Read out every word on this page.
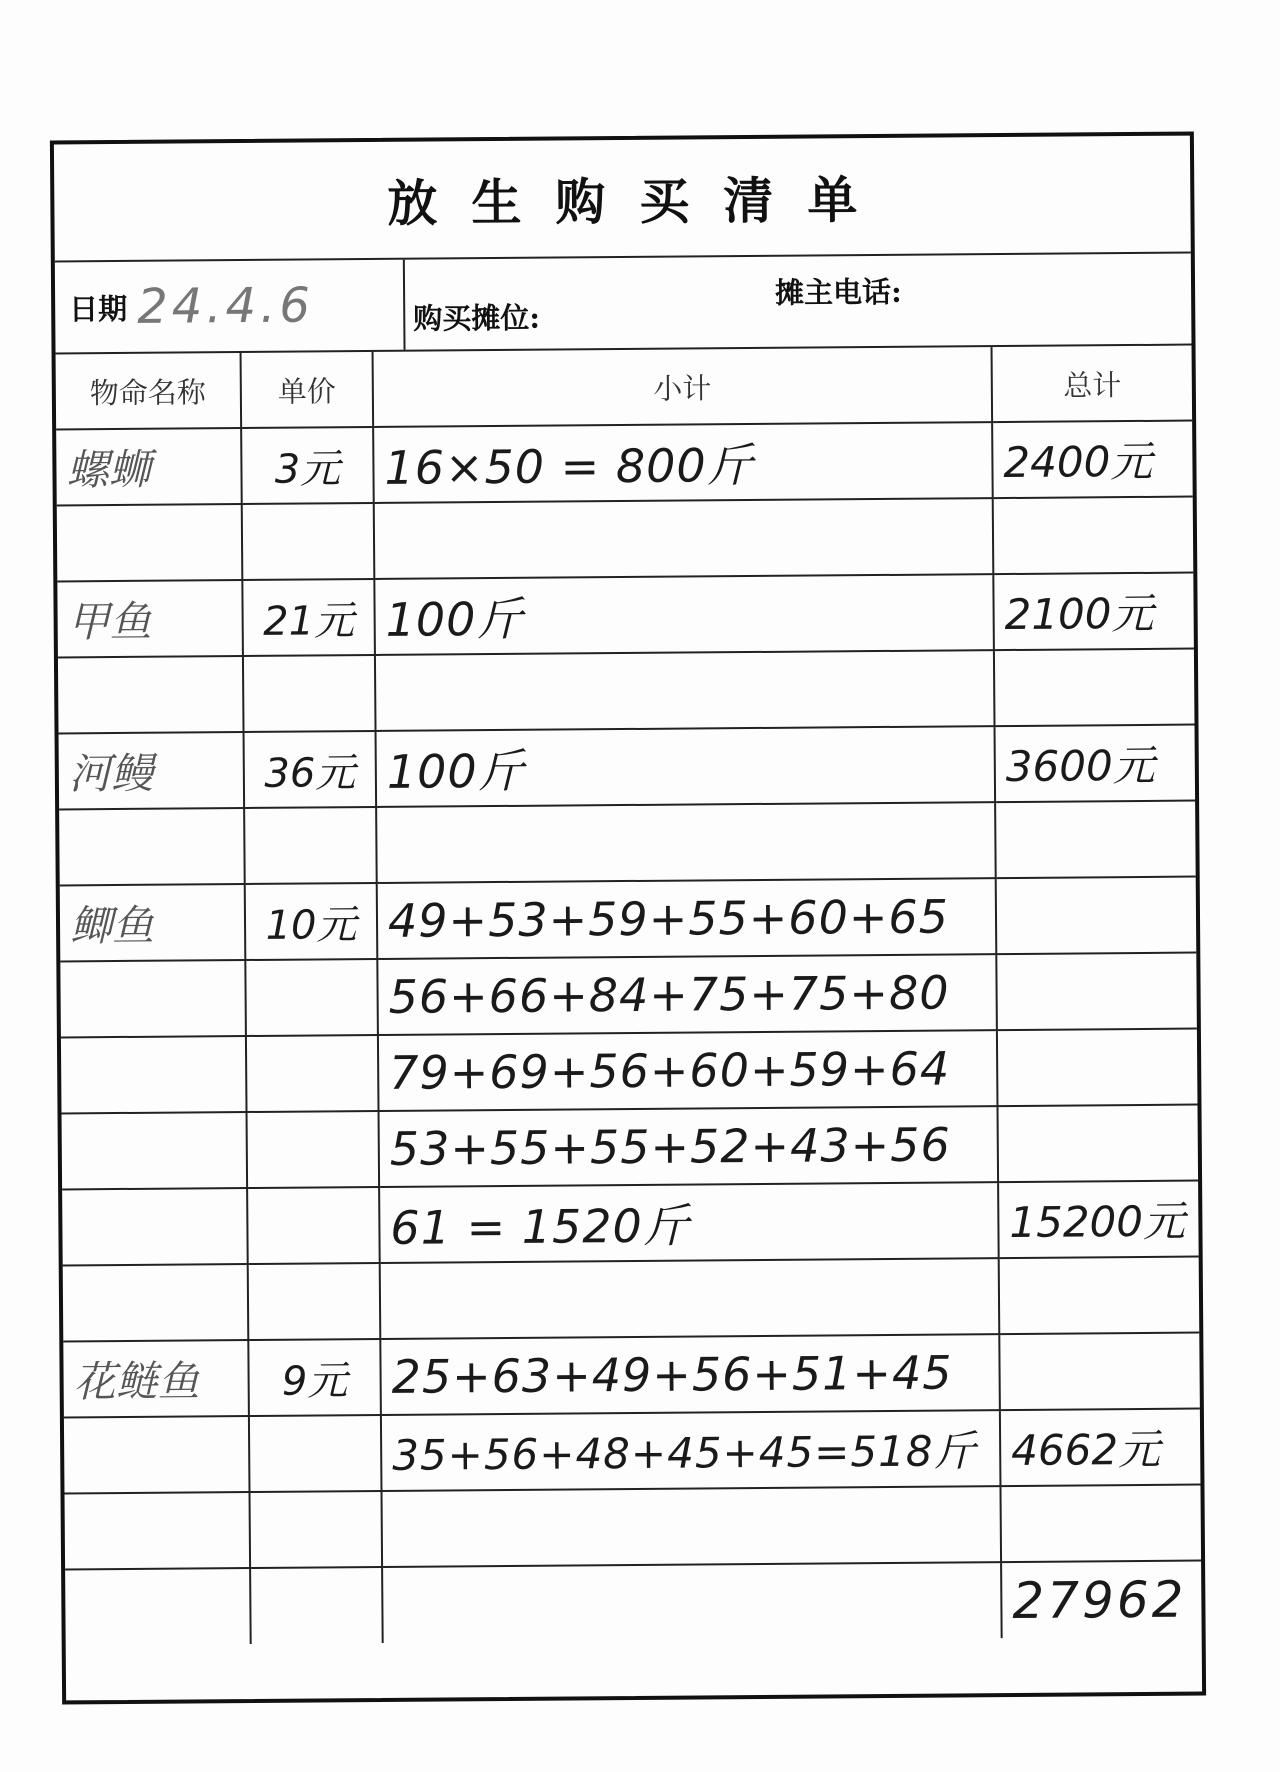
放生购买清单
日期 24.4.6	购买摊位:
摊主电话:
物命名称	单价	小计	总计
螺蛳	3元	16×50 = 800斤	2400元

甲鱼	21元	100斤	2100元

河鳗	36元	100斤	3600元

鲫鱼	10元	49+53+59+55+60+65	
		56+66+84+75+75+80	
		79+69+56+60+59+64	
		53+55+55+52+43+56	
		61 = 1520斤	15200元

花鲢鱼	9元	25+63+49+56+51+45	
		35+56+48+45+45=518斤	4662元

			27962
